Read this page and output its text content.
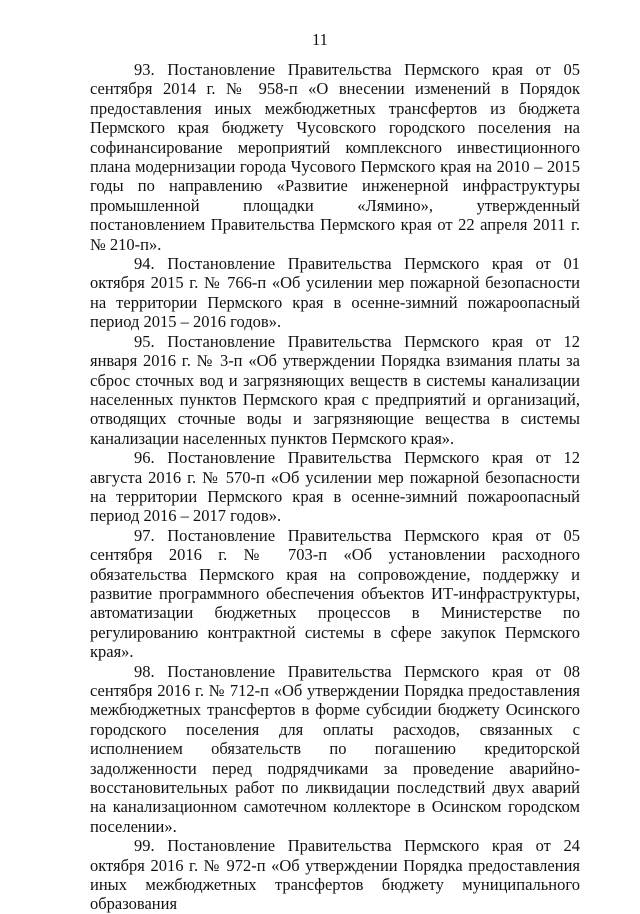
11

93. Постановление Правительства Пермского края от 05 сентября 2014 г. № 958-п «О внесении изменений в Порядок предоставления иных межбюджетных трансфертов из бюджета Пермского края бюджету Чусовского городского поселения на софинансирование мероприятий комплексного инвестиционного плана модернизации города Чусового Пермского края на 2010 – 2015 годы по направлению «Развитие инженерной инфраструктуры промышленной площадки «Лямино», утвержденный постановлением Правительства Пермского края от 22 апреля 2011 г. № 210-п».

94. Постановление Правительства Пермского края от 01 октября 2015 г. № 766-п «Об усилении мер пожарной безопасности на территории Пермского края в осенне-зимний пожароопасный период 2015 – 2016 годов».

95. Постановление Правительства Пермского края от 12 января 2016 г. № 3-п «Об утверждении Порядка взимания платы за сброс сточных вод и загрязняющих веществ в системы канализации населенных пунктов Пермского края с предприятий и организаций, отводящих сточные воды и загрязняющие вещества в системы канализации населенных пунктов Пермского края».

96. Постановление Правительства Пермского края от 12 августа 2016 г. № 570-п «Об усилении мер пожарной безопасности на территории Пермского края в осенне-зимний пожароопасный период 2016 – 2017 годов».

97. Постановление Правительства Пермского края от 05 сентября 2016 г. № 703-п «Об установлении расходного обязательства Пермского края на сопровождение, поддержку и развитие программного обеспечения объектов ИТ-инфраструктуры, автоматизации бюджетных процессов в Министерстве по регулированию контрактной системы в сфере закупок Пермского края».

98. Постановление Правительства Пермского края от 08 сентября 2016 г. № 712-п «Об утверждении Порядка предоставления межбюджетных трансфертов в форме субсидии бюджету Осинского городского поселения для оплаты расходов, связанных с исполнением обязательств по погашению кредиторской задолженности перед подрядчиками за проведение аварийно-восстановительных работ по ликвидации последствий двух аварий на канализационном самотечном коллекторе в Осинском городском поселении».

99. Постановление Правительства Пермского края от 24 октября 2016 г. № 972-п «Об утверждении Порядка предоставления иных межбюджетных трансфертов бюджету муниципального образования
